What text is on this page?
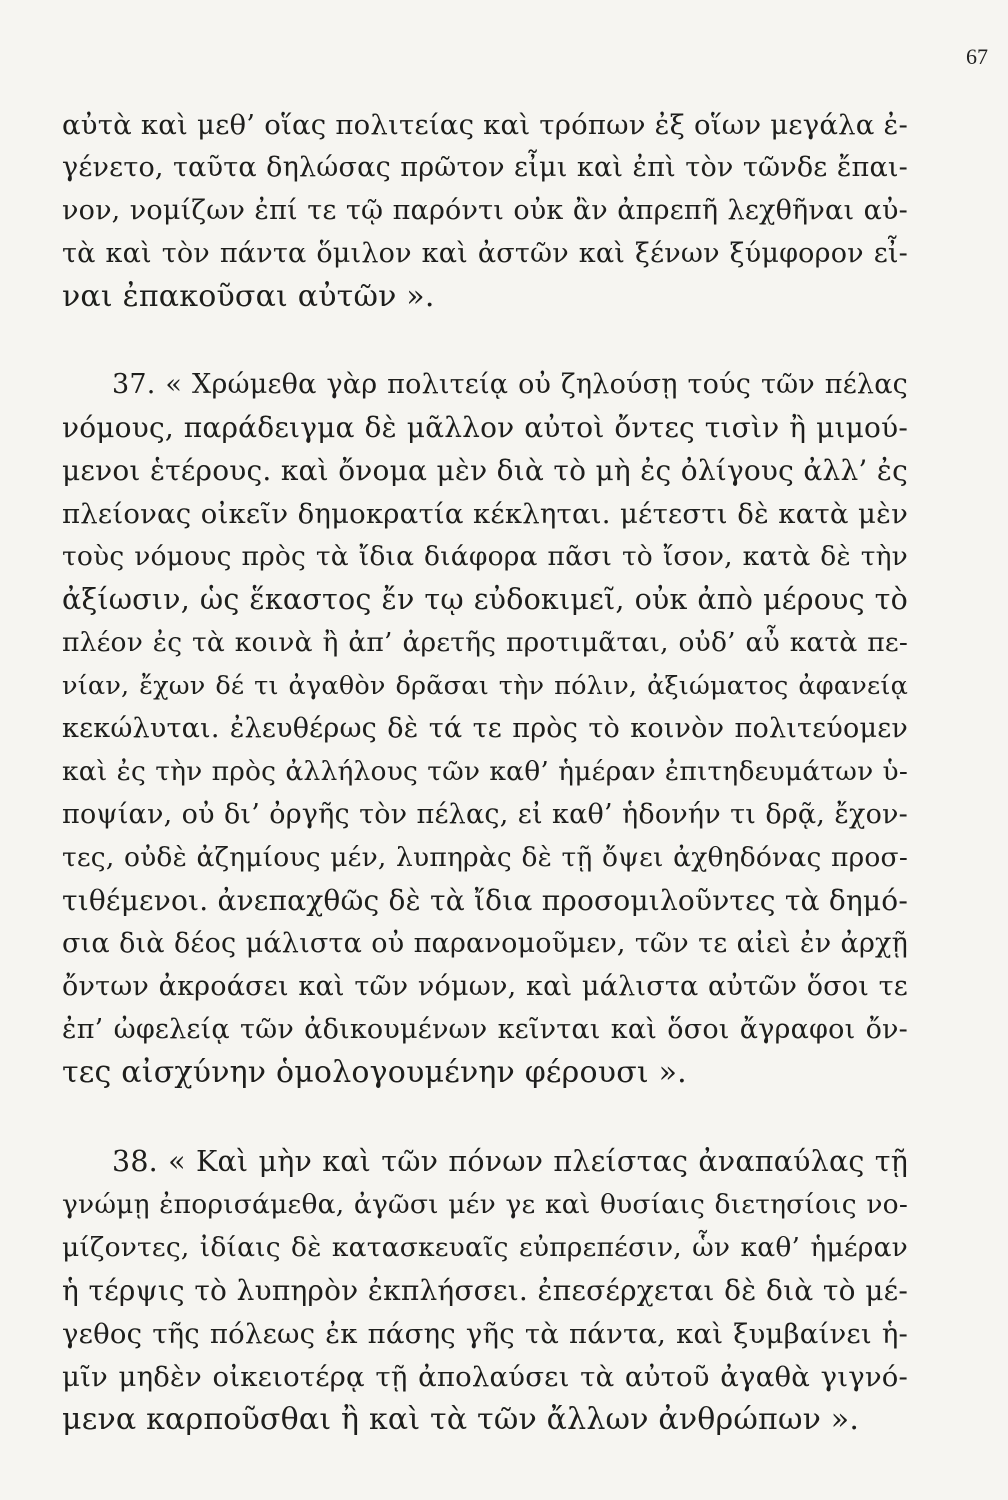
67
αὐτὰ καὶ μεθ’ οἵας πολιτείας καὶ τρόπων ἐξ οἵων μεγάλα ἐ-
γένετο, ταῦτα δηλώσας πρῶτον εἶμι καὶ ἐπὶ τὸν τῶνδε ἔπαι-
νον, νομίζων ἐπί τε τῷ παρόντι οὐκ ἂν ἀπρεπῆ λεχθῆναι αὐ-
τὰ καὶ τὸν πάντα ὅμιλον καὶ ἀστῶν καὶ ξένων ξύμφορον εἶ-
ναι ἐπακοῦσαι αὐτῶν ».
37. « Χρώμεθα γὰρ πολιτείᾳ οὐ ζηλούσῃ τούς τῶν πέλας
νόμους, παράδειγμα δὲ μᾶλλον αὐτοὶ ὄντες τισὶν ἢ μιμού-
μενοι ἑτέρους. καὶ ὄνομα μὲν διὰ τὸ μὴ ἐς ὀλίγους ἀλλ’ ἐς
πλείονας οἰκεῖν δημοκρατία κέκληται. μέτεστι δὲ κατὰ μὲν
τοὺς νόμους πρὸς τὰ ἴδια διάφορα πᾶσι τὸ ἴσον, κατὰ δὲ τὴν
ἀξίωσιν, ὡς ἕκαστος ἔν τῳ εὐδοκιμεῖ, οὐκ ἀπὸ μέρους τὸ
πλέον ἐς τὰ κοινὰ ἢ ἀπ’ ἀρετῆς προτιμᾶται, οὐδ’ αὖ κατὰ πε-
νίαν, ἔχων δέ τι ἀγαθὸν δρᾶσαι τὴν πόλιν, ἀξιώματος ἀφανείᾳ
κεκώλυται. ἐλευθέρως δὲ τά τε πρὸς τὸ κοινὸν πολιτεύομεν
καὶ ἐς τὴν πρὸς ἀλλήλους τῶν καθ’ ἡμέραν ἐπιτηδευμάτων ὑ-
ποψίαν, οὐ δι’ ὀργῆς τὸν πέλας, εἰ καθ’ ἡδονήν τι δρᾷ, ἔχον-
τες, οὐδὲ ἀζημίους μέν, λυπηρὰς δὲ τῇ ὄψει ἀχθηδόνας προσ-
τιθέμενοι. ἀνεπαχθῶς δὲ τὰ ἴδια προσομιλοῦντες τὰ δημό-
σια διὰ δέος μάλιστα οὐ παρανομοῦμεν, τῶν τε αἰεὶ ἐν ἀρχῇ
ὄντων ἀκροάσει καὶ τῶν νόμων, καὶ μάλιστα αὐτῶν ὅσοι τε
ἐπ’ ὠφελείᾳ τῶν ἀδικουμένων κεῖνται καὶ ὅσοι ἄγραφοι ὄν-
τες αἰσχύνην ὁμολογουμένην φέρουσι ».
38. « Καὶ μὴν καὶ τῶν πόνων πλείστας ἀναπαύλας τῇ
γνώμῃ ἐπορισάμεθα, ἀγῶσι μέν γε καὶ θυσίαις διετησίοις νο-
μίζοντες, ἰδίαις δὲ κατασκευαῖς εὐπρεπέσιν, ὧν καθ’ ἡμέραν
ἡ τέρψις τὸ λυπηρὸν ἐκπλήσσει. ἐπεσέρχεται δὲ διὰ τὸ μέ-
γεθος τῆς πόλεως ἐκ πάσης γῆς τὰ πάντα, καὶ ξυμβαίνει ἡ-
μῖν μηδὲν οἰκειοτέρᾳ τῇ ἀπολαύσει τὰ αὐτοῦ ἀγαθὰ γιγνό-
μενα καρποῦσθαι ἢ καὶ τὰ τῶν ἄλλων ἀνθρώπων ».
